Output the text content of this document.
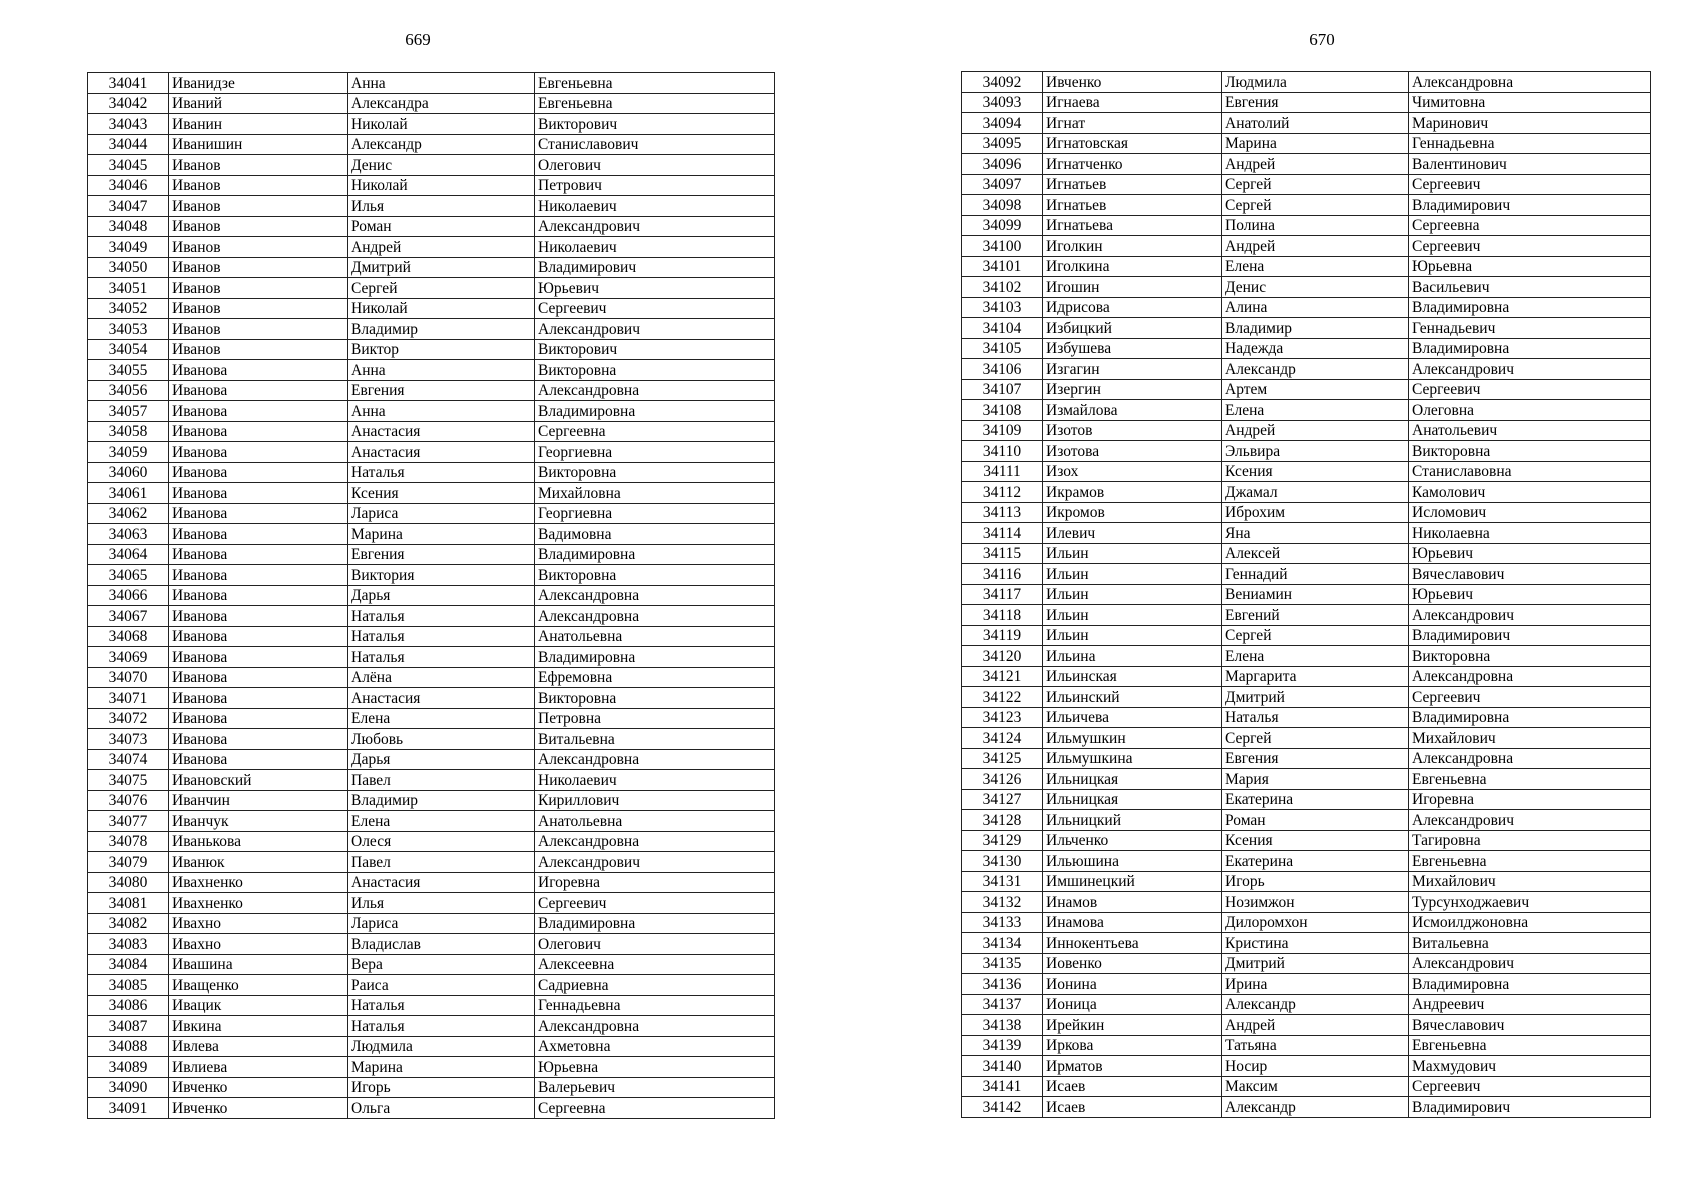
669
34041	Иванидзе	Анна	Евгеньевна
34042	Иваний	Александра	Евгеньевна
34043	Иванин	Николай	Викторович
34044	Иванишин	Александр	Станиславович
34045	Иванов	Денис	Олегович
34046	Иванов	Николай	Петрович
34047	Иванов	Илья	Николаевич
34048	Иванов	Роман	Александрович
34049	Иванов	Андрей	Николаевич
34050	Иванов	Дмитрий	Владимирович
34051	Иванов	Сергей	Юрьевич
34052	Иванов	Николай	Сергеевич
34053	Иванов	Владимир	Александрович
34054	Иванов	Виктор	Викторович
34055	Иванова	Анна	Викторовна
34056	Иванова	Евгения	Александровна
34057	Иванова	Анна	Владимировна
34058	Иванова	Анастасия	Сергеевна
34059	Иванова	Анастасия	Георгиевна
34060	Иванова	Наталья	Викторовна
34061	Иванова	Ксения	Михайловна
34062	Иванова	Лариса	Георгиевна
34063	Иванова	Марина	Вадимовна
34064	Иванова	Евгения	Владимировна
34065	Иванова	Виктория	Викторовна
34066	Иванова	Дарья	Александровна
34067	Иванова	Наталья	Александровна
34068	Иванова	Наталья	Анатольевна
34069	Иванова	Наталья	Владимировна
34070	Иванова	Алёна	Ефремовна
34071	Иванова	Анастасия	Викторовна
34072	Иванова	Елена	Петровна
34073	Иванова	Любовь	Витальевна
34074	Иванова	Дарья	Александровна
34075	Ивановский	Павел	Николаевич
34076	Иванчин	Владимир	Кириллович
34077	Иванчук	Елена	Анатольевна
34078	Иванькова	Олеся	Александровна
34079	Иванюк	Павел	Александрович
34080	Ивахненко	Анастасия	Игоревна
34081	Ивахненко	Илья	Сергеевич
34082	Ивахно	Лариса	Владимировна
34083	Ивахно	Владислав	Олегович
34084	Ивашина	Вера	Алексеевна
34085	Иващенко	Раиса	Садриевна
34086	Ивацик	Наталья	Геннадьевна
34087	Ивкина	Наталья	Александровна
34088	Ивлева	Людмила	Ахметовна
34089	Ивлиева	Марина	Юрьевна
34090	Ивченко	Игорь	Валерьевич
34091	Ивченко	Ольга	Сергеевна
670
34092	Ивченко	Людмила	Александровна
34093	Игнаева	Евгения	Чимитовна
34094	Игнат	Анатолий	Маринович
34095	Игнатовская	Марина	Геннадьевна
34096	Игнатченко	Андрей	Валентинович
34097	Игнатьев	Сергей	Сергеевич
34098	Игнатьев	Сергей	Владимирович
34099	Игнатьева	Полина	Сергеевна
34100	Иголкин	Андрей	Сергеевич
34101	Иголкина	Елена	Юрьевна
34102	Игошин	Денис	Васильевич
34103	Идрисова	Алина	Владимировна
34104	Избицкий	Владимир	Геннадьевич
34105	Избушева	Надежда	Владимировна
34106	Изгагин	Александр	Александрович
34107	Изергин	Артем	Сергеевич
34108	Измайлова	Елена	Олеговна
34109	Изотов	Андрей	Анатольевич
34110	Изотова	Эльвира	Викторовна
34111	Изох	Ксения	Станиславовна
34112	Икрамов	Джамал	Камолович
34113	Икромов	Иброхим	Исломович
34114	Илевич	Яна	Николаевна
34115	Ильин	Алексей	Юрьевич
34116	Ильин	Геннадий	Вячеславович
34117	Ильин	Вениамин	Юрьевич
34118	Ильин	Евгений	Александрович
34119	Ильин	Сергей	Владимирович
34120	Ильина	Елена	Викторовна
34121	Ильинская	Маргарита	Александровна
34122	Ильинский	Дмитрий	Сергеевич
34123	Ильичева	Наталья	Владимировна
34124	Ильмушкин	Сергей	Михайлович
34125	Ильмушкина	Евгения	Александровна
34126	Ильницкая	Мария	Евгеньевна
34127	Ильницкая	Екатерина	Игоревна
34128	Ильницкий	Роман	Александрович
34129	Ильченко	Ксения	Тагировна
34130	Ильюшина	Екатерина	Евгеньевна
34131	Имшинецкий	Игорь	Михайлович
34132	Инамов	Нозимжон	Турсунходжаевич
34133	Инамова	Дилоромхон	Исмоилджоновна
34134	Иннокентьева	Кристина	Витальевна
34135	Иовенко	Дмитрий	Александрович
34136	Ионина	Ирина	Владимировна
34137	Ионица	Александр	Андреевич
34138	Ирейкин	Андрей	Вячеславович
34139	Иркова	Татьяна	Евгеньевна
34140	Ирматов	Носир	Махмудович
34141	Исаев	Максим	Сергеевич
34142	Исаев	Александр	Владимирович
